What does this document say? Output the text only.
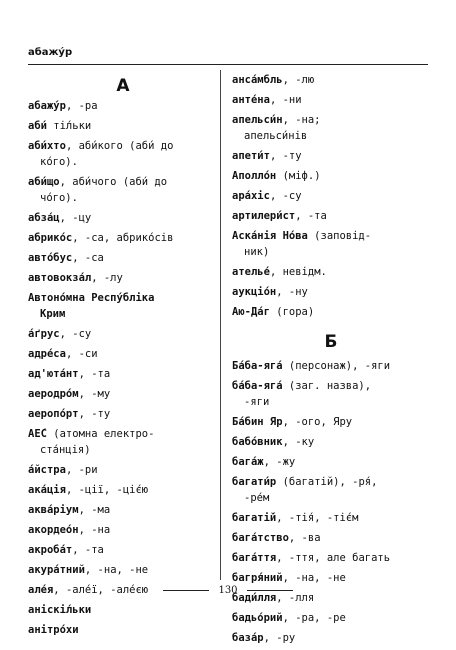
абажýр
А
абажу́р, -ра
аби́ ті́льки
аби́хто, аби́кого (аби́ до
ко́го).
аби́що, аби́чого (аби́ до
чо́го).
абза́ц, -цу
абрико́с, -са, абрико́сів
авто́бус, -са
автовокза́л, -лу
Автоно́мна Респу́бліка
Крим
а́ґрус, -су
адре́са, -си
ад'юта́нт, -та
аеродро́м, -му
аеропо́рт, -ту
АЕ́С (атомна електро-
ста́нція)
а́йстра, -ри
ака́ція, -ції, -ціє́ю
аква́ріум, -ма
акордео́н, -на
акроба́т, -та
акура́тний, -на, -не
але́я, -але́ї, -але́єю
аніскі́льки
анітро́хи
анса́мбль, -лю
анте́на, -ни
апельси́н, -на;
апельси́нів
апети́т, -ту
Аполло́н (міф.)
ара́хіс, -су
артилери́ст, -та
Аска́нія Но́ва (заповід-
ник)
ателье́, невідм.
аукціо́н, -ну
Аю-Да́г (гора)
Б
Ба́ба-яга́ (персонаж), -яги
ба́ба-яга́ (заг. назва),
-яги
Ба́бин Яр, -ого, Яру
бабо́вник, -ку
бага́ж, -жу
багати́р (багатій), -ря́,
-ре́м
багаті́й, -тія́, -тіє́м
бага́тство, -ва
бага́ття, -ття, але багать
багря́ний, -на, -не
бади́лля, -лля
бадьо́рий, -ра, -ре
база́р, -ру
130
